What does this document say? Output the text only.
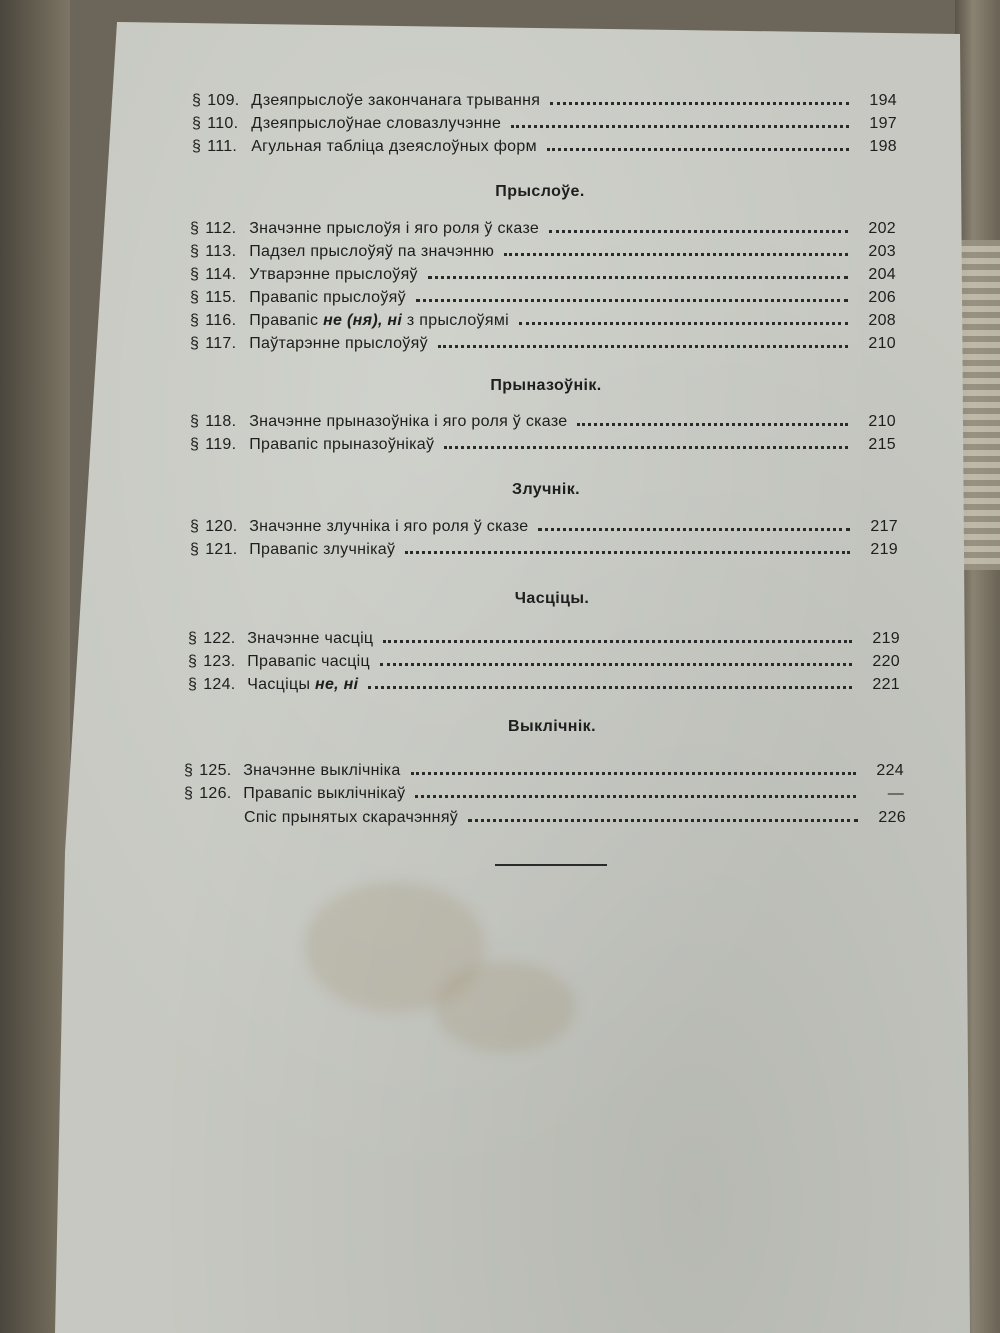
§ 109. Дзеяпрыслоўе закончанага трывання	194
§ 110. Дзеяпрыслоўнае словазлучэнне	197
§ 111. Агульная табліца дзеяслоўных форм	198
Прыслоўе.
§ 112. Значэнне прыслоўя і яго роля ў сказе	202
§ 113. Падзел прыслоўяў па значэнню	203
§ 114. Утварэнне прыслоўяў	204
§ 115. Правапіс прыслоўяў	206
§ 116. Правапіс не (ня), ні з прыслоўямі	208
§ 117. Паўтарэнне прыслоўяў	210
Прыназоўнік.
§ 118. Значэнне прыназоўніка і яго роля ў сказе	210
§ 119. Правапіс прыназоўнікаў	215
Злучнік.
§ 120. Значэнне злучніка і яго роля ў сказе	217
§ 121. Правапіс злучнікаў	219
Часціцы.
§ 122. Значэнне часціц	219
§ 123. Правапіс часціц	220
§ 124. Часціцы не, ні	221
Выклічнік.
§ 125. Значэнне выклічніка	224
§ 126. Правапіс выклічнікаў	—
Спіс прынятых скарачэнняў	226
